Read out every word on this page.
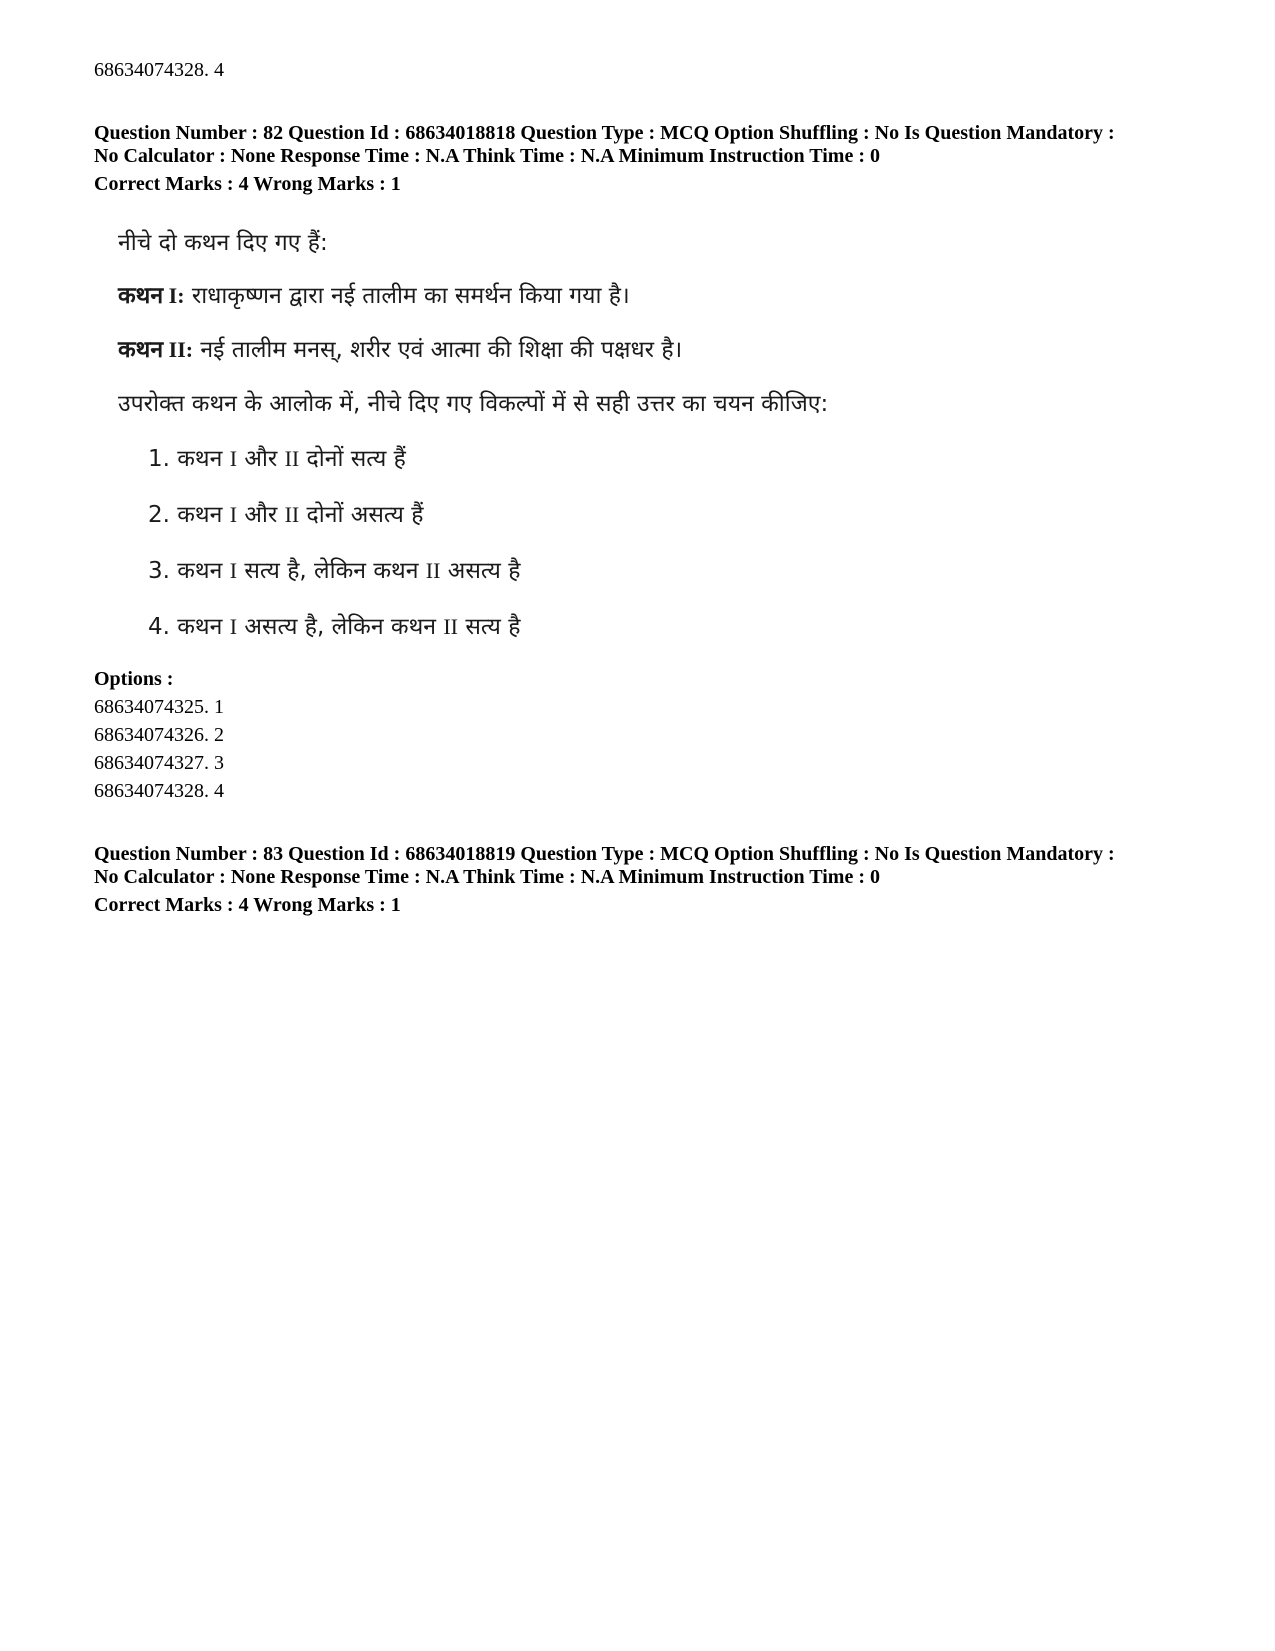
68634074328. 4
Question Number : 82 Question Id : 68634018818 Question Type : MCQ Option Shuffling : No Is Question Mandatory :
No Calculator : None Response Time : N.A Think Time : N.A Minimum Instruction Time : 0
Correct Marks : 4 Wrong Marks : 1
नीचे दो कथन दिए गए हैं:
कथन I: राधाकृष्णन द्वारा नई तालीम का समर्थन किया गया है।
कथन II: नई तालीम मनस्, शरीर एवं आत्मा की शिक्षा की पक्षधर है।
उपरोक्त कथन के आलोक में, नीचे दिए गए विकल्पों में से सही उत्तर का चयन कीजिए:
1. कथन I और II दोनों सत्य हैं
2. कथन I और II दोनों असत्य हैं
3. कथन I सत्य है, लेकिन कथन II असत्य है
4. कथन I असत्य है, लेकिन कथन II सत्य है
Options :
68634074325. 1
68634074326. 2
68634074327. 3
68634074328. 4
Question Number : 83 Question Id : 68634018819 Question Type : MCQ Option Shuffling : No Is Question Mandatory :
No Calculator : None Response Time : N.A Think Time : N.A Minimum Instruction Time : 0
Correct Marks : 4 Wrong Marks : 1
